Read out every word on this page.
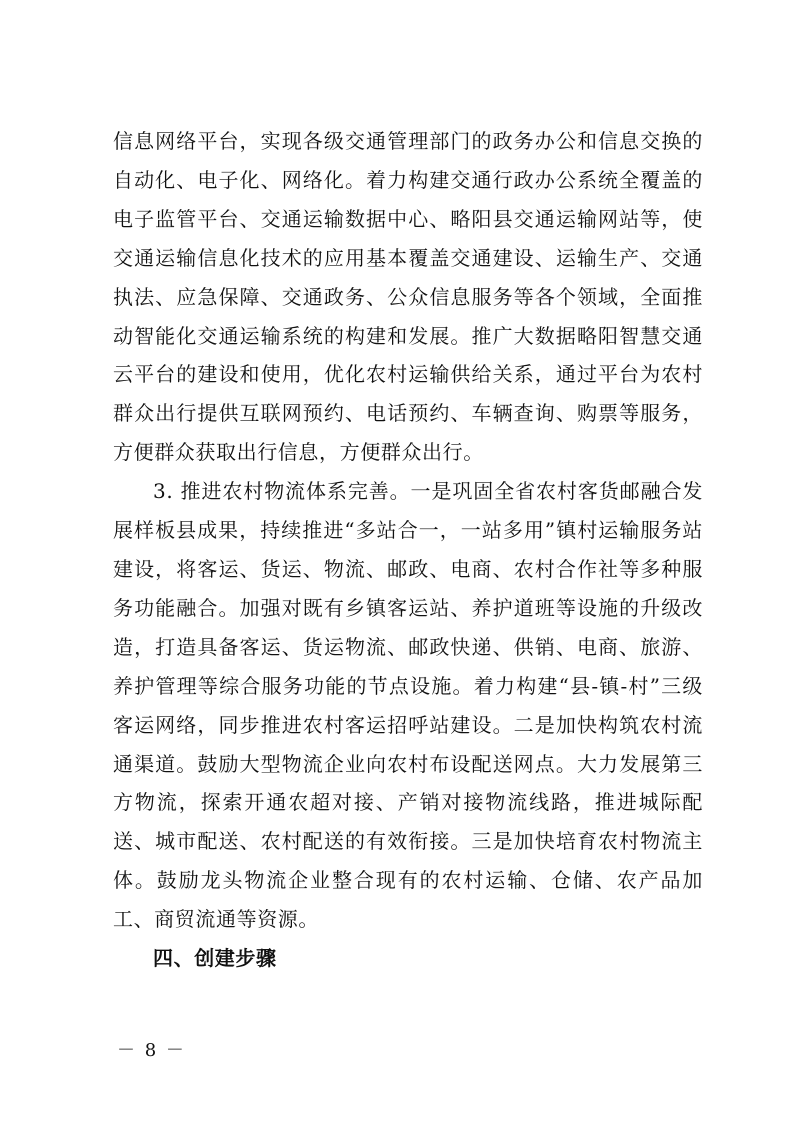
信息网络平台，实现各级交通管理部门的政务办公和信息交换的自动化、电子化、网络化。着力构建交通行政办公系统全覆盖的电子监管平台、交通运输数据中心、略阳县交通运输网站等，使交通运输信息化技术的应用基本覆盖交通建设、运输生产、交通执法、应急保障、交通政务、公众信息服务等各个领域，全面推动智能化交通运输系统的构建和发展。推广大数据略阳智慧交通云平台的建设和使用，优化农村运输供给关系，通过平台为农村群众出行提供互联网预约、电话预约、车辆查询、购票等服务，方便群众获取出行信息，方便群众出行。

3. 推进农村物流体系完善。一是巩固全省农村客货邮融合发展样板县成果，持续推进“多站合一，一站多用”镇村运输服务站建设，将客运、货运、物流、邮政、电商、农村合作社等多种服务功能融合。加强对既有乡镇客运站、养护道班等设施的升级改造，打造具备客运、货运物流、邮政快递、供销、电商、旅游、养护管理等综合服务功能的节点设施。着力构建“县-镇-村”三级客运网络，同步推进农村客运招呼站建设。二是加快构筑农村流通渠道。鼓励大型物流企业向农村布设配送网点。大力发展第三方物流，探索开通农超对接、产销对接物流线路，推进城际配送、城市配送、农村配送的有效衔接。三是加快培育农村物流主体。鼓励龙头物流企业整合现有的农村运输、仓储、农产品加工、商贸流通等资源。

四、创建步骤

－ 8 －
